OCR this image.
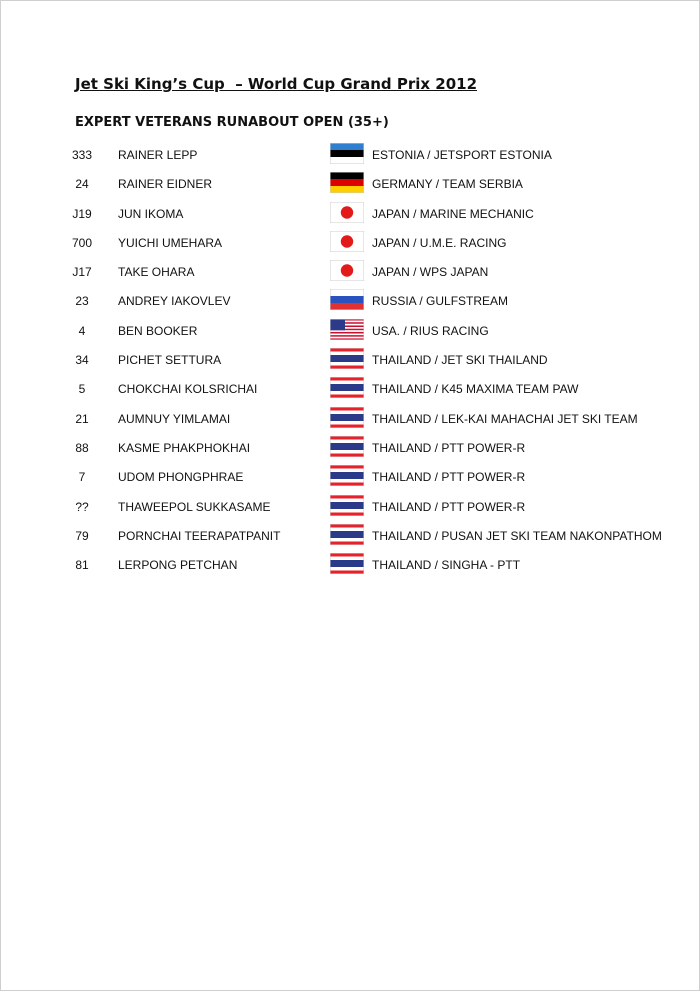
Jet Ski King’s Cup  – World Cup Grand Prix 2012
EXPERT VETERANS RUNABOUT OPEN (35+)
333	RAINER LEPP	ESTONIA / JETSPORT ESTONIA
24	RAINER EIDNER	GERMANY / TEAM SERBIA
J19	JUN IKOMA	JAPAN / MARINE MECHANIC
700	YUICHI UMEHARA	JAPAN / U.M.E. RACING
J17	TAKE OHARA	JAPAN / WPS JAPAN
23	ANDREY IAKOVLEV	RUSSIA / GULFSTREAM
4	BEN BOOKER	USA. / RIUS RACING
34	PICHET SETTURA	THAILAND / JET SKI THAILAND
5	CHOKCHAI KOLSRICHAI	THAILAND / K45 MAXIMA TEAM PAW
21	AUMNUY YIMLAMAI	THAILAND / LEK-KAI MAHACHAI JET SKI TEAM
88	KASME PHAKPHOKHAI	THAILAND / PTT POWER-R
7	UDOM PHONGPHRAE	THAILAND / PTT POWER-R
??	THAWEEPOL SUKKASAME	THAILAND / PTT POWER-R
79	PORNCHAI TEERAPATPANIT	THAILAND / PUSAN JET SKI TEAM NAKONPATHOM
81	LERPONG PETCHAN	THAILAND / SINGHA - PTT
